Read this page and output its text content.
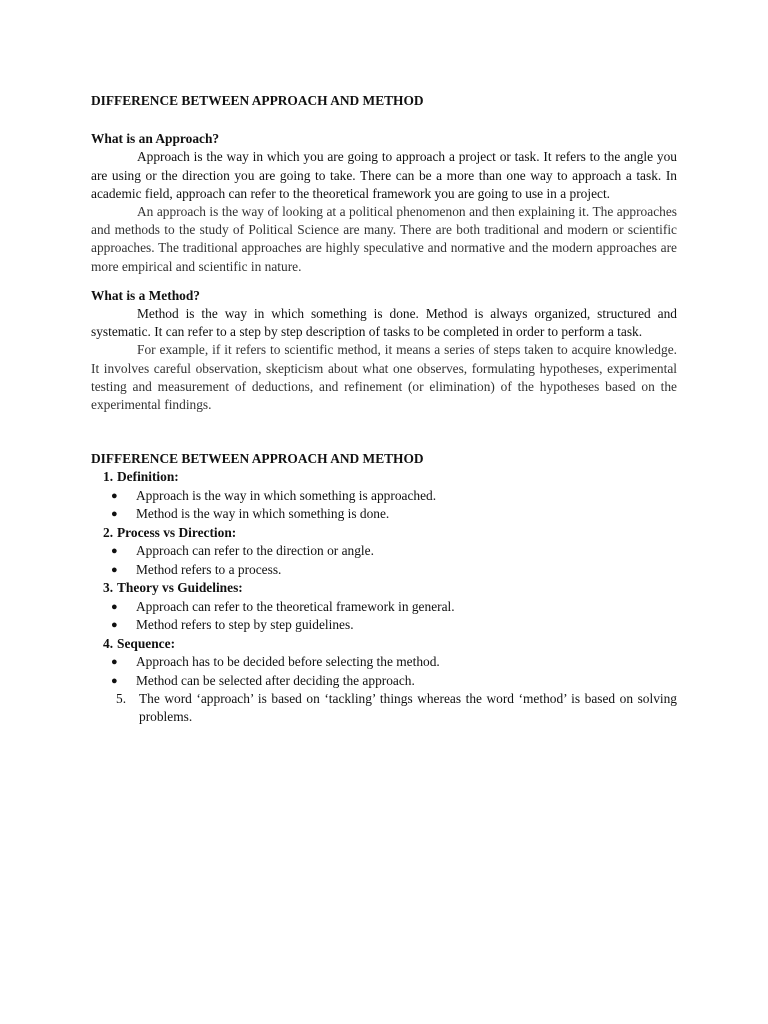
DIFFERENCE BETWEEN APPROACH AND METHOD

What is an Approach?

Approach is the way in which you are going to approach a project or task. It refers to the angle you are using or the direction you are going to take. There can be a more than one way to approach a task. In academic field, approach can refer to the theoretical framework you are going to use in a project.

An approach is the way of looking at a political phenomenon and then explaining it. The approaches and methods to the study of Political Science are many. There are both traditional and modern or scientific approaches. The traditional approaches are highly speculative and normative and the modern approaches are more empirical and scientific in nature.

What is a Method?

Method is the way in which something is done. Method is always organized, structured and systematic. It can refer to a step by step description of tasks to be completed in order to perform a task.

For example, if it refers to scientific method, it means a series of steps taken to acquire knowledge. It involves careful observation, skepticism about what one observes, formulating hypotheses, experimental testing and measurement of deductions, and refinement (or elimination) of the hypotheses based on the experimental findings.

DIFFERENCE BETWEEN APPROACH AND METHOD

1. Definition:
●	Approach is the way in which something is approached.
●	Method is the way in which something is done.
2. Process vs Direction:
●	Approach can refer to the direction or angle.
●	Method refers to a process.
3. Theory vs Guidelines:
●	Approach can refer to the theoretical framework in general.
●	Method refers to step by step guidelines.
4. Sequence:
●	Approach has to be decided before selecting the method.
●	Method can be selected after deciding the approach.
5. The word ‘approach’ is based on ‘tackling’ things whereas the word ‘method’ is based on solving problems.
